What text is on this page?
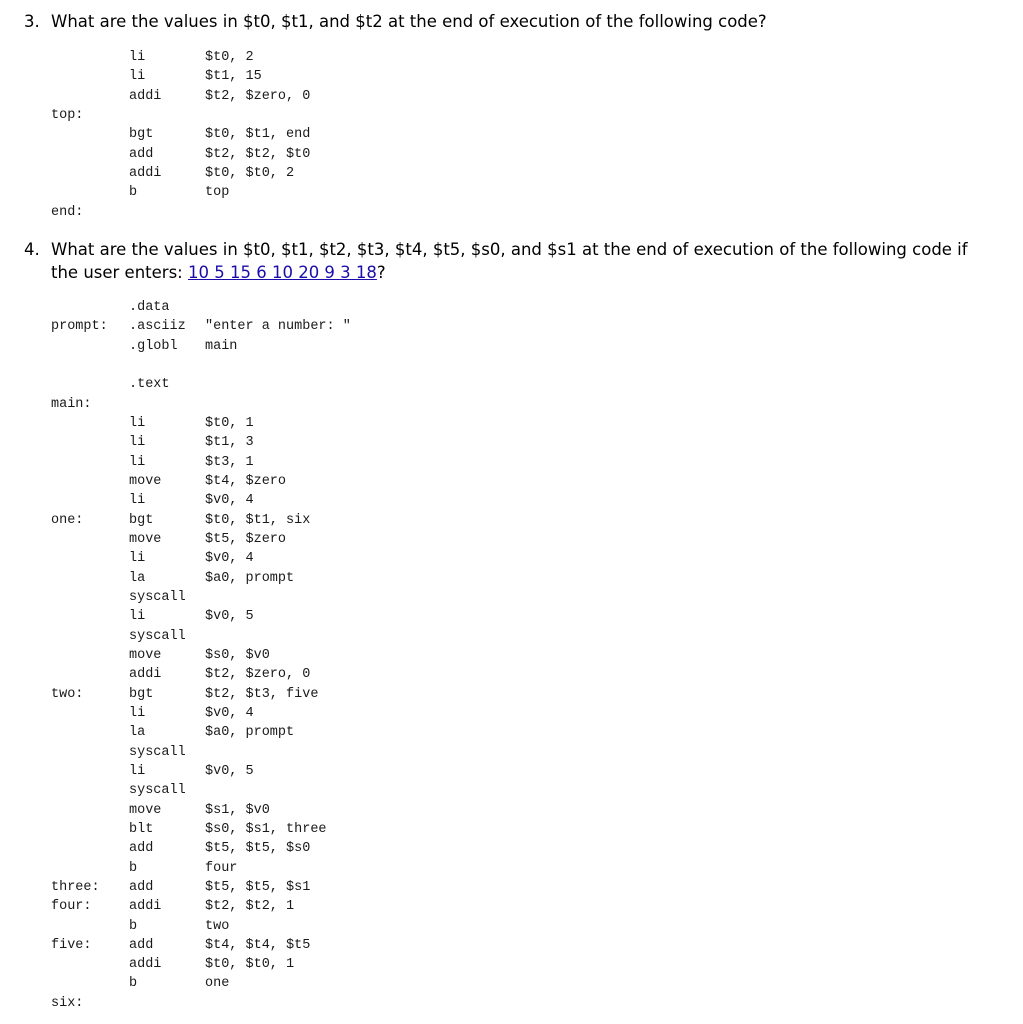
3. What are the values in $t0, $t1, and $t2 at the end of execution of the following code?
li	$t0, 2
li	$t1, 15
addi	$t2, $zero, 0
top:
bgt	$t0, $t1, end
add	$t2, $t2, $t0
addi	$t0, $t0, 2
b	top
end:
4. What are the values in $t0, $t1, $t2, $t3, $t4, $t5, $s0, and $s1 at the end of execution of the following code if
the user enters: 10 5 15 6 10 20 9 3 18?
.data
prompt:	.asciiz	"enter a number: "
.globl	main
.text
main:
li	$t0, 1
li	$t1, 3
li	$t3, 1
move	$t4, $zero
li	$v0, 4
one:	bgt	$t0, $t1, six
move	$t5, $zero
li	$v0, 4
la	$a0, prompt
syscall
li	$v0, 5
syscall
move	$s0, $v0
addi	$t2, $zero, 0
two:	bgt	$t2, $t3, five
li	$v0, 4
la	$a0, prompt
syscall
li	$v0, 5
syscall
move	$s1, $v0
blt	$s0, $s1, three
add	$t5, $t5, $s0
b	four
three:	add	$t5, $t5, $s1
four:	addi	$t2, $t2, 1
b	two
five:	add	$t4, $t4, $t5
addi	$t0, $t0, 1
b	one
six:
